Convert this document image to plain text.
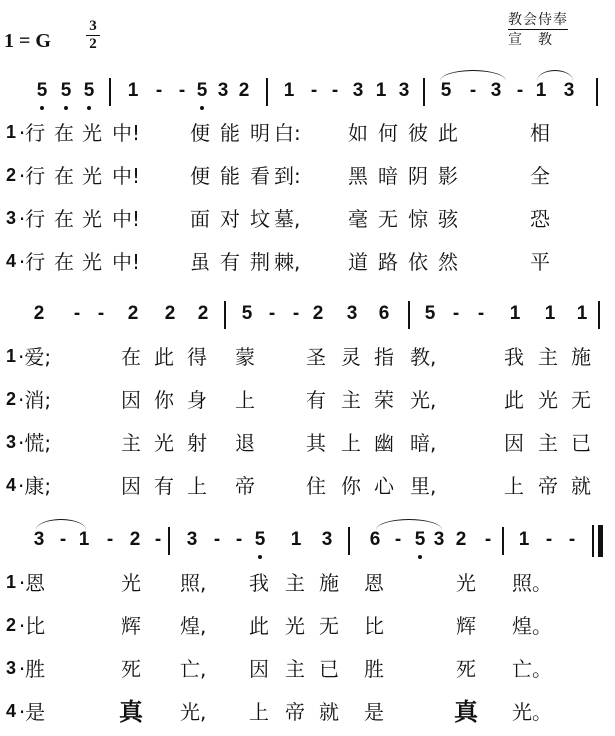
1 = G $\frac{3}{2}$	教会侍奉
宣　教
5 5 5 1 - - 5 3 2 1 - - 3 1 3 5 - 3 - 1 3
1 ·行 在 光 中!	便 能 明 白:	如 何 彼 此	相
2 ·行 在 光 中!	便 能 看 到:	黑 暗 阴 影	全
3 ·行 在 光 中!	面 对 坟 墓,	毫 无 惊 骇	恐
4 ·行 在 光 中!	虽 有 荆 棘,	道 路 依 然	平
2	- -	2 2 2 5 - - 2 3 6 5 - -	1 1 1
1 ·爱;	在 此 得 蒙	圣 灵 指 教,	我 主 施
2 ·消;	因 你 身 上	有 主 荣 光,	此 光 无
3 ·慌;	主 光 射 退	其 上 幽 暗,	因 主 已
4 ·康;	因 有 上 帝	住 你 心 里,	上 帝 就
3 - 1 - 2 -	3 - - 5 1 3 6 - 5 3 2 -	1 - -
1 ·恩	光 照,	我 主 施 恩	光 照。
2 ·比	辉 煌,	此 光 无 比	辉 煌。
3 ·胜	死 亡,	因 主 已 胜	死 亡。
4 ·是	真 光,	上 帝 就 是	真 光。
